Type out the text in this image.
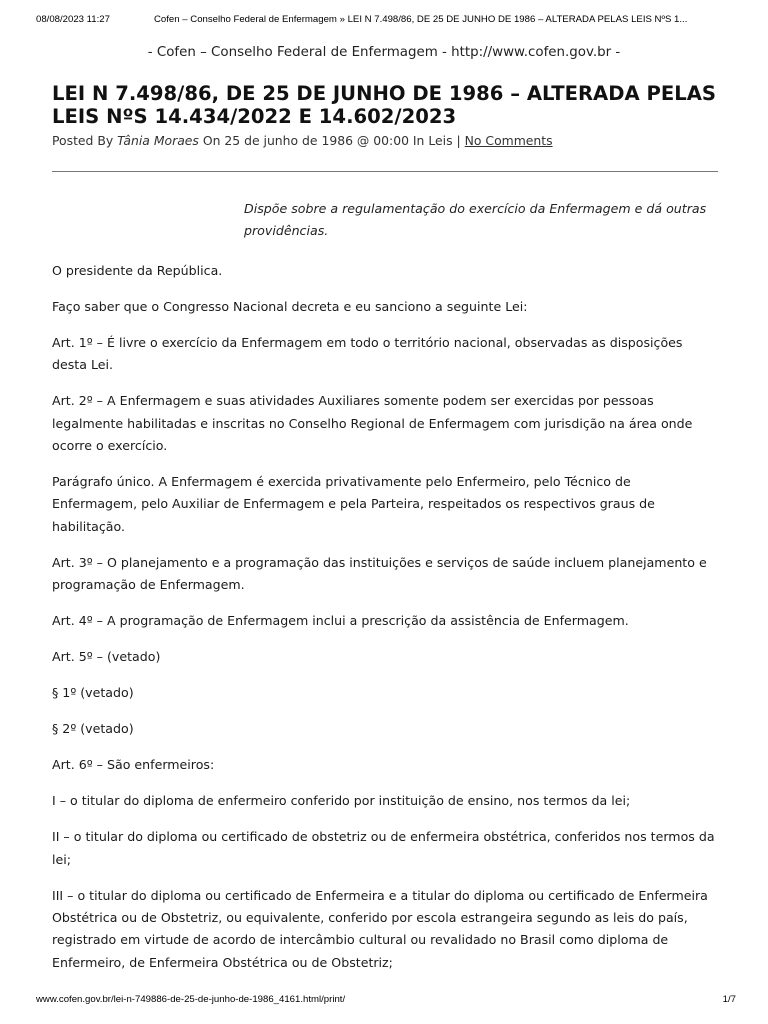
08/08/2023 11:27	Cofen – Conselho Federal de Enfermagem » LEI N 7.498/86, DE 25 DE JUNHO DE 1986 – ALTERADA PELAS LEIS NºS 1...
- Cofen – Conselho Federal de Enfermagem - http://www.cofen.gov.br -
LEI N 7.498/86, DE 25 DE JUNHO DE 1986 – ALTERADA PELAS LEIS NºS 14.434/2022 E 14.602/2023
Posted By Tânia Moraes On 25 de junho de 1986 @ 00:00 In Leis | No Comments

Dispõe sobre a regulamentação do exercício da Enfermagem e dá outras providências.

O presidente da República.

Faço saber que o Congresso Nacional decreta e eu sanciono a seguinte Lei:

Art. 1º – É livre o exercício da Enfermagem em todo o território nacional, observadas as disposições desta Lei.

Art. 2º – A Enfermagem e suas atividades Auxiliares somente podem ser exercidas por pessoas legalmente habilitadas e inscritas no Conselho Regional de Enfermagem com jurisdição na área onde ocorre o exercício.

Parágrafo único. A Enfermagem é exercida privativamente pelo Enfermeiro, pelo Técnico de Enfermagem, pelo Auxiliar de Enfermagem e pela Parteira, respeitados os respectivos graus de habilitação.

Art. 3º – O planejamento e a programação das instituições e serviços de saúde incluem planejamento e programação de Enfermagem.

Art. 4º – A programação de Enfermagem inclui a prescrição da assistência de Enfermagem.

Art. 5º – (vetado)

§ 1º (vetado)

§ 2º (vetado)

Art. 6º – São enfermeiros:

I – o titular do diploma de enfermeiro conferido por instituição de ensino, nos termos da lei;

II – o titular do diploma ou certificado de obstetriz ou de enfermeira obstétrica, conferidos nos termos da lei;

III – o titular do diploma ou certificado de Enfermeira e a titular do diploma ou certificado de Enfermeira Obstétrica ou de Obstetriz, ou equivalente, conferido por escola estrangeira segundo as leis do país, registrado em virtude de acordo de intercâmbio cultural ou revalidado no Brasil como diploma de Enfermeiro, de Enfermeira Obstétrica ou de Obstetriz;

www.cofen.gov.br/lei-n-749886-de-25-de-junho-de-1986_4161.html/print/	1/7
